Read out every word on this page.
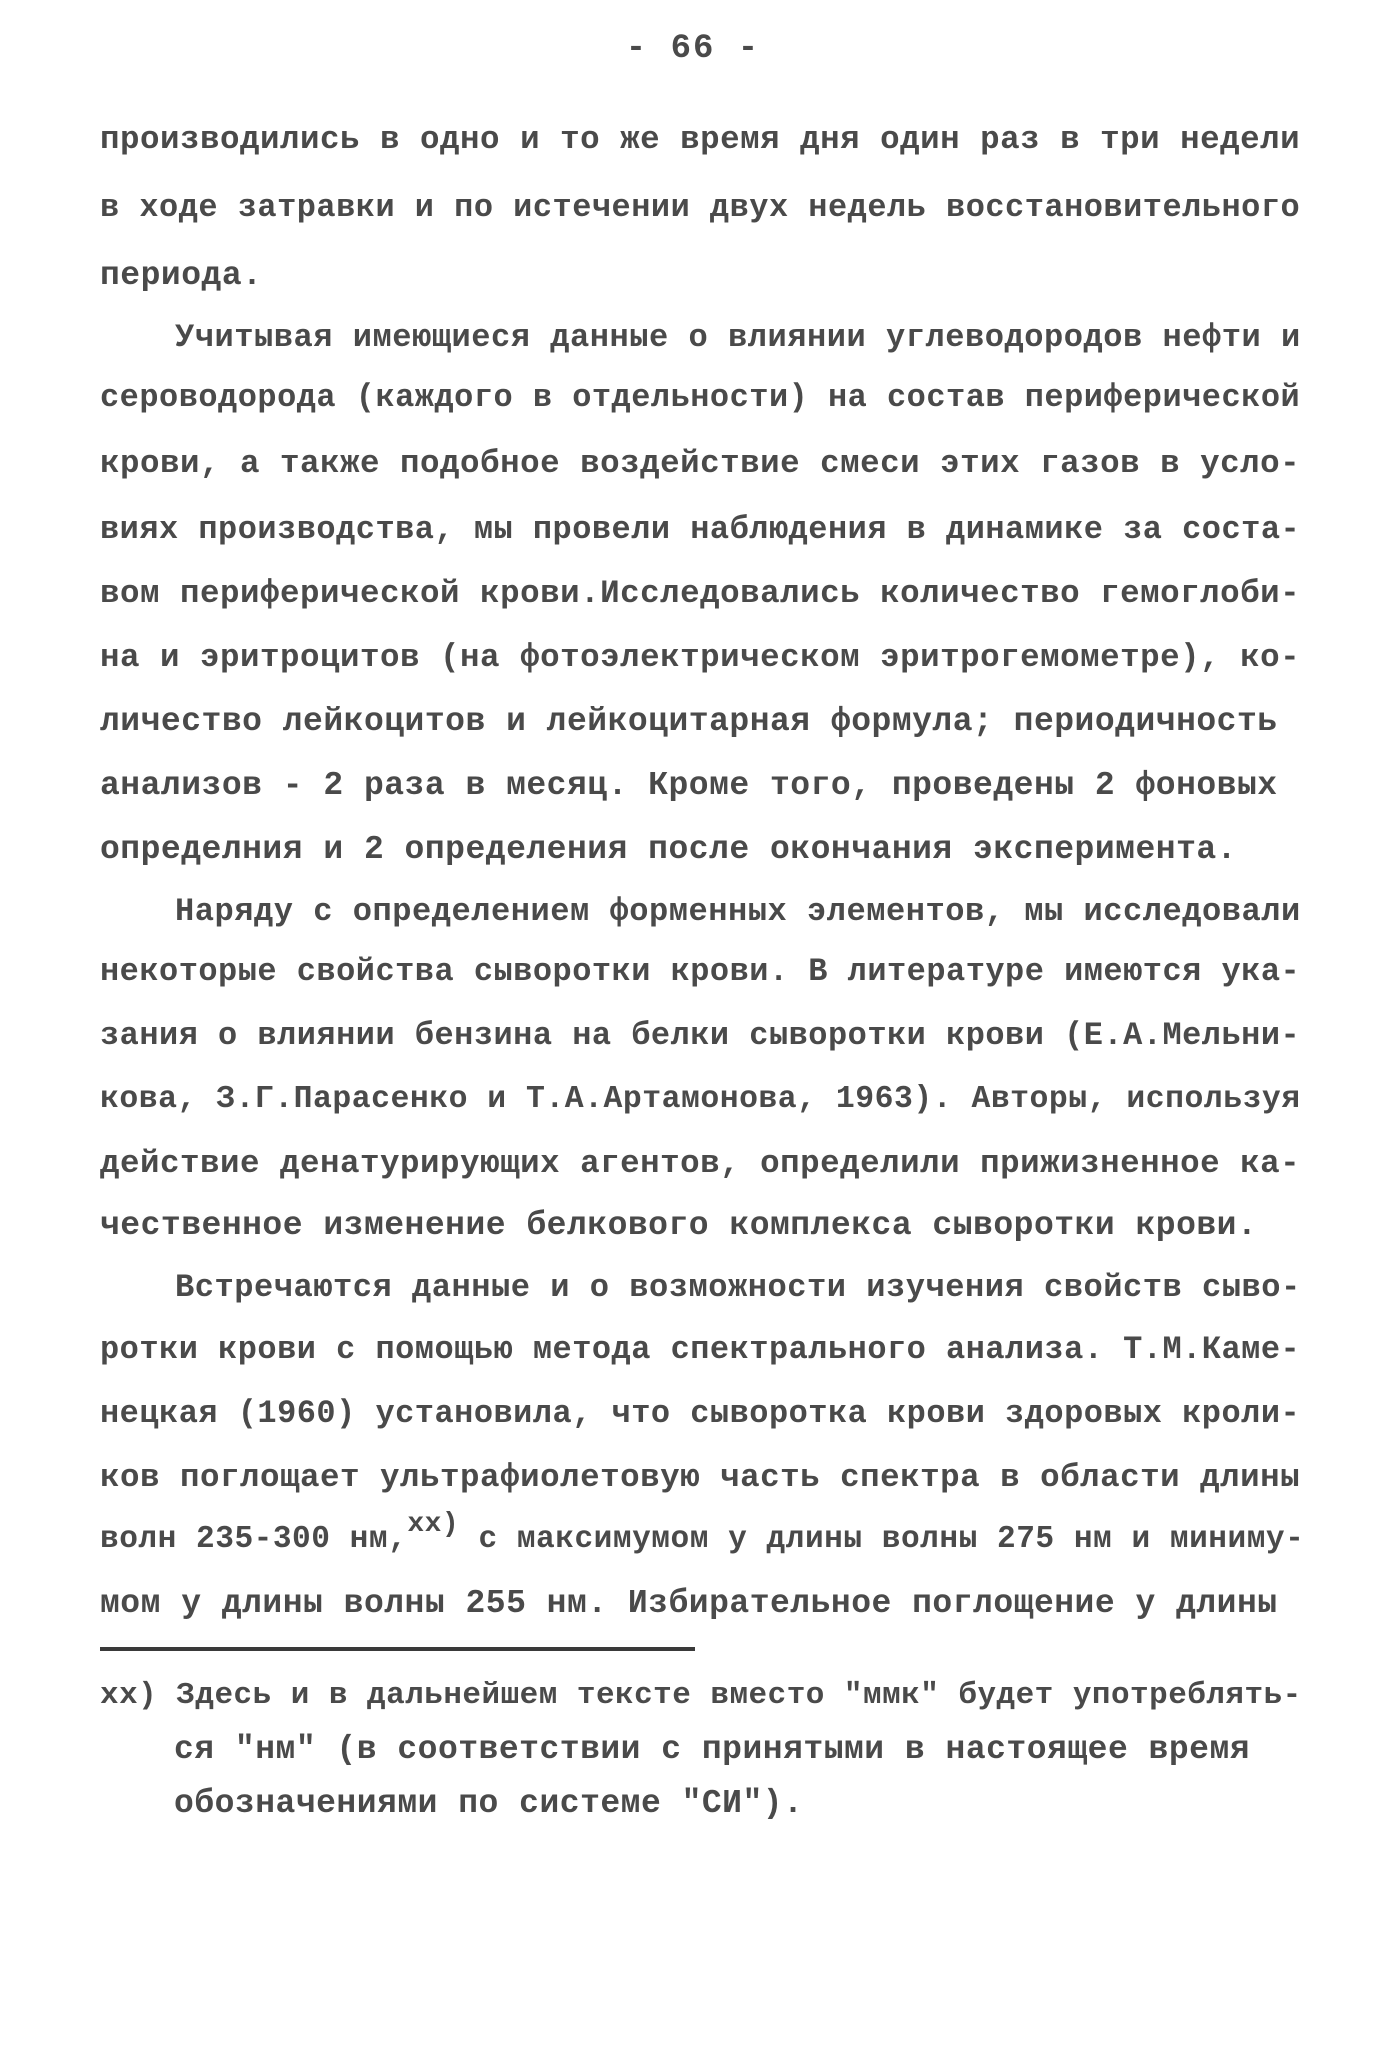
- 66 -
производились в одно и то же время дня один раз в три недели
в ходе затравки и по истечении двух недель восстановительного
периода.
Учитывая имеющиеся данные о влиянии углеводородов нефти и
сероводорода (каждого в отдельности) на состав периферической
крови, а также подобное воздействие смеси этих газов в усло-
виях производства, мы провели наблюдения в динамике за соста-
вом периферической крови.Исследовались количество гемоглоби-
на и эритроцитов (на фотоэлектрическом эритрогемометре), ко-
личество лейкоцитов и лейкоцитарная формула; периодичность
анализов - 2 раза в месяц. Кроме того, проведены 2 фоновых
определния и 2 определения после окончания эксперимента.
Наряду с определением форменных элементов, мы исследовали
некоторые свойства сыворотки крови. В литературе имеются ука-
зания о влиянии бензина на белки сыворотки крови (Е.А.Мельни-
кова, З.Г.Парасенко и Т.А.Артамонова, 1963). Авторы, используя
действие денатурирующих агентов, определили прижизненное ка-
чественное изменение белкового комплекса сыворотки крови.
Встречаются данные и о возможности изучения свойств сыво-
ротки крови с помощью метода спектрального анализа. Т.М.Каме-
нецкая (1960) установила, что сыворотка крови здоровых крoли-
ков поглощает ультрафиолетовую часть спектра в области длины
волн 235-300 нм,хх) с максимумом у длины волны 275 нм и миниму-
мом у длины волны 255 нм. Избирательное поглощение у длины
хх) Здесь и в дальнейшем тексте вместо "ммк" будет употреблять-
ся "нм" (в соответствии с принятыми в настоящее время
обозначениями по системе "СИ").
